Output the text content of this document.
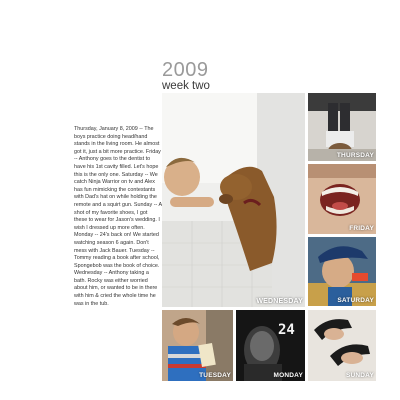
2009
week two

Thursday, January 8, 2009 -- The boys practice doing head/hand stands in the living room. He almost got it, just a bit more practice. Friday -- Anthony goes to the dentist to have his 1st cavity filled. Let's hope this is the only one. Saturday -- We catch Ninja Warrior on tv and Alex has fun mimicking the contestants with Dad's hat on while holding the remote and a squirt gun. Sunday -- A shot of my favorite shoes, I got these to wear for Jason's wedding. I wish I dressed up more often. Monday -- 24's back on! We started watching season 6 again. Don't mess with Jack Bauer. Tuesday -- Tommy reading a book after school, Spongebob was the book of choice. Wednesday -- Anthony taking a bath. Rocky was either worried about him, or wanted to be in there with him & cried the whole time he was in the tub.	WEDNESDAY
THURSDAY
FRIDAY
SATURDAY
TUESDAY
24
MONDAY	SUNDAY
